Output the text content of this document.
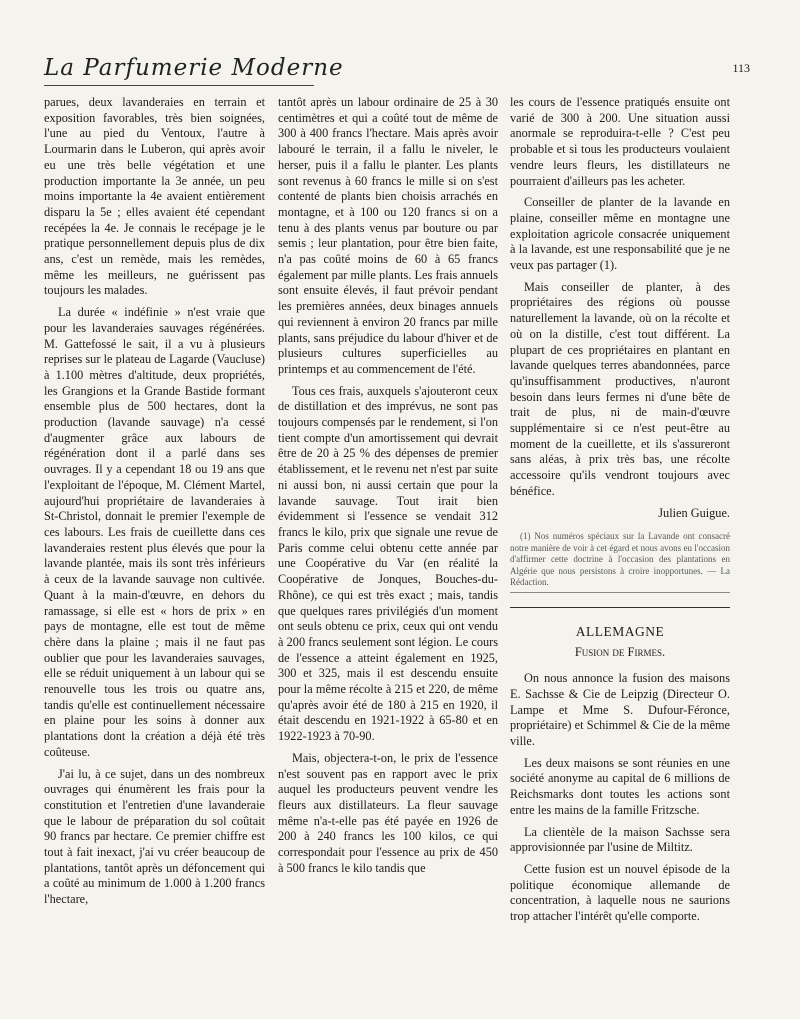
La Parfumerie Moderne	113

parues, deux lavanderaies en terrain et exposition favorables, très bien soignées, l'une au pied du Ventoux, l'autre à Lourmarin dans le Luberon, qui après avoir eu une très belle végétation et une production importante la 3e année, un peu moins importante la 4e avaient entièrement disparu la 5e ; elles avaient été cependant recépées la 4e. Je connais le recépage je le pratique personnellement depuis plus de dix ans, c'est un remède, mais les remèdes, même les meilleurs, ne guérissent pas toujours les malades.

La durée « indéfinie » n'est vraie que pour les lavanderaies sauvages régénérées. M. Gattefossé le sait, il a vu à plusieurs reprises sur le plateau de Lagarde (Vaucluse) à 1.100 mètres d'altitude, deux propriétés, les Grangions et la Grande Bastide formant ensemble plus de 500 hectares, dont la production (lavande sauvage) n'a cessé d'augmenter grâce aux labours de régénération dont il a parlé dans ses ouvrages. Il y a cependant 18 ou 19 ans que l'exploitant de l'époque, M. Clément Martel, aujourd'hui propriétaire de lavanderaies à St-Christol, donnait le premier l'exemple de ces labours. Les frais de cueillette dans ces lavanderaies restent plus élevés que pour la lavande plantée, mais ils sont très inférieurs à ceux de la lavande sauvage non cultivée. Quant à la main-d'œuvre, en dehors du ramassage, si elle est « hors de prix » en pays de montagne, elle est tout de même chère dans la plaine ; mais il ne faut pas oublier que pour les lavanderaies sauvages, elle se réduit uniquement à un labour qui se renouvelle tous les trois ou quatre ans, tandis qu'elle est continuellement nécessaire en plaine pour les soins à donner aux plantations dont la création a déjà été très coûteuse.

J'ai lu, à ce sujet, dans un des nombreux ouvrages qui énumèrent les frais pour la constitution et l'entretien d'une lavanderaie que le labour de préparation du sol coûtait 90 francs par hectare. Ce premier chiffre est tout à fait inexact, j'ai vu créer beaucoup de plantations, tantôt après un défoncement qui a coûté au minimum de 1.000 à 1.200 francs l'hectare,

tantôt après un labour ordinaire de 25 à 30 centimètres et qui a coûté tout de même de 300 à 400 francs l'hectare. Mais après avoir labouré le terrain, il a fallu le niveler, le herser, puis il a fallu le planter. Les plants sont revenus à 60 francs le mille si on s'est contenté de plants bien choisis arrachés en montagne, et à 100 ou 120 francs si on a tenu à des plants venus par bouture ou par semis ; leur plantation, pour être bien faite, n'a pas coûté moins de 60 à 65 francs également par mille plants. Les frais annuels sont ensuite élevés, il faut prévoir pendant les premières années, deux binages annuels qui reviennent à environ 20 francs par mille plants, sans préjudice du labour d'hiver et de plusieurs cultures superficielles au printemps et au commencement de l'été.

Tous ces frais, auxquels s'ajouteront ceux de distillation et des imprévus, ne sont pas toujours compensés par le rendement, si l'on tient compte d'un amortissement qui devrait être de 20 à 25 % des dépenses de premier établissement, et le revenu net n'est par suite ni aussi bon, ni aussi certain que pour la lavande sauvage. Tout irait bien évidemment si l'essence se vendait 312 francs le kilo, prix que signale une revue de Paris comme celui obtenu cette année par une Coopérative du Var (en réalité la Coopérative de Jonques, Bouches-du-Rhône), ce qui est très exact ; mais, tandis que quelques rares privilégiés d'un moment ont seuls obtenu ce prix, ceux qui ont vendu à 200 francs seulement sont légion. Le cours de l'essence a atteint également en 1925, 300 et 325, mais il est descendu ensuite pour la même récolte à 215 et 220, de même qu'après avoir été de 180 à 215 en 1920, il était descendu en 1921-1922 à 65-80 et en 1922-1923 à 70-90.

Mais, objectera-t-on, le prix de l'essence n'est souvent pas en rapport avec le prix auquel les producteurs peuvent vendre les fleurs aux distillateurs. La fleur sauvage même n'a-t-elle pas été payée en 1926 de 200 à 240 francs les 100 kilos, ce qui correspondait pour l'essence au prix de 450 à 500 francs le kilo tandis que

les cours de l'essence pratiqués ensuite ont varié de 300 à 200. Une situation aussi anormale se reproduira-t-elle ? C'est peu probable et si tous les producteurs voulaient vendre leurs fleurs, les distillateurs ne pourraient d'ailleurs pas les acheter.

Conseiller de planter de la lavande en plaine, conseiller même en montagne une exploitation agricole consacrée uniquement à la lavande, est une responsabilité que je ne veux pas partager (1).

Mais conseiller de planter, à des propriétaires des régions où pousse naturellement la lavande, où on la récolte et où on la distille, c'est tout différent. La plupart de ces propriétaires en plantant en lavande quelques terres abandonnées, parce qu'insuffisamment productives, n'auront besoin dans leurs fermes ni d'une bête de trait de plus, ni de main-d'œuvre supplémentaire si ce n'est peut-être au moment de la cueillette, et ils s'assureront sans aléas, à prix très bas, une récolte accessoire qu'ils vendront toujours avec bénéfice.

Julien Guigue.
(1) Nos numéros spéciaux sur la Lavande ont consacré notre manière de voir à cet égard et nous avons eu l'occasion d'affirmer cette doctrine à l'occasion des plantations en Algérie que nous persistons à croire inopportunes. — La Rédaction.
ALLEMAGNE
Fusion de Firmes.

On nous annonce la fusion des maisons E. Sachsse & Cie de Leipzig (Directeur O. Lampe et Mme S. Dufour-Féronce, propriétaire) et Schimmel & Cie de la même ville.

Les deux maisons se sont réunies en une société anonyme au capital de 6 millions de Reichsmarks dont toutes les actions sont entre les mains de la famille Fritzsche.

La clientèle de la maison Sachsse sera approvisionnée par l'usine de Miltitz.

Cette fusion est un nouvel épisode de la politique économique allemande de concentration, à laquelle nous ne saurions trop attacher l'intérêt qu'elle comporte.
